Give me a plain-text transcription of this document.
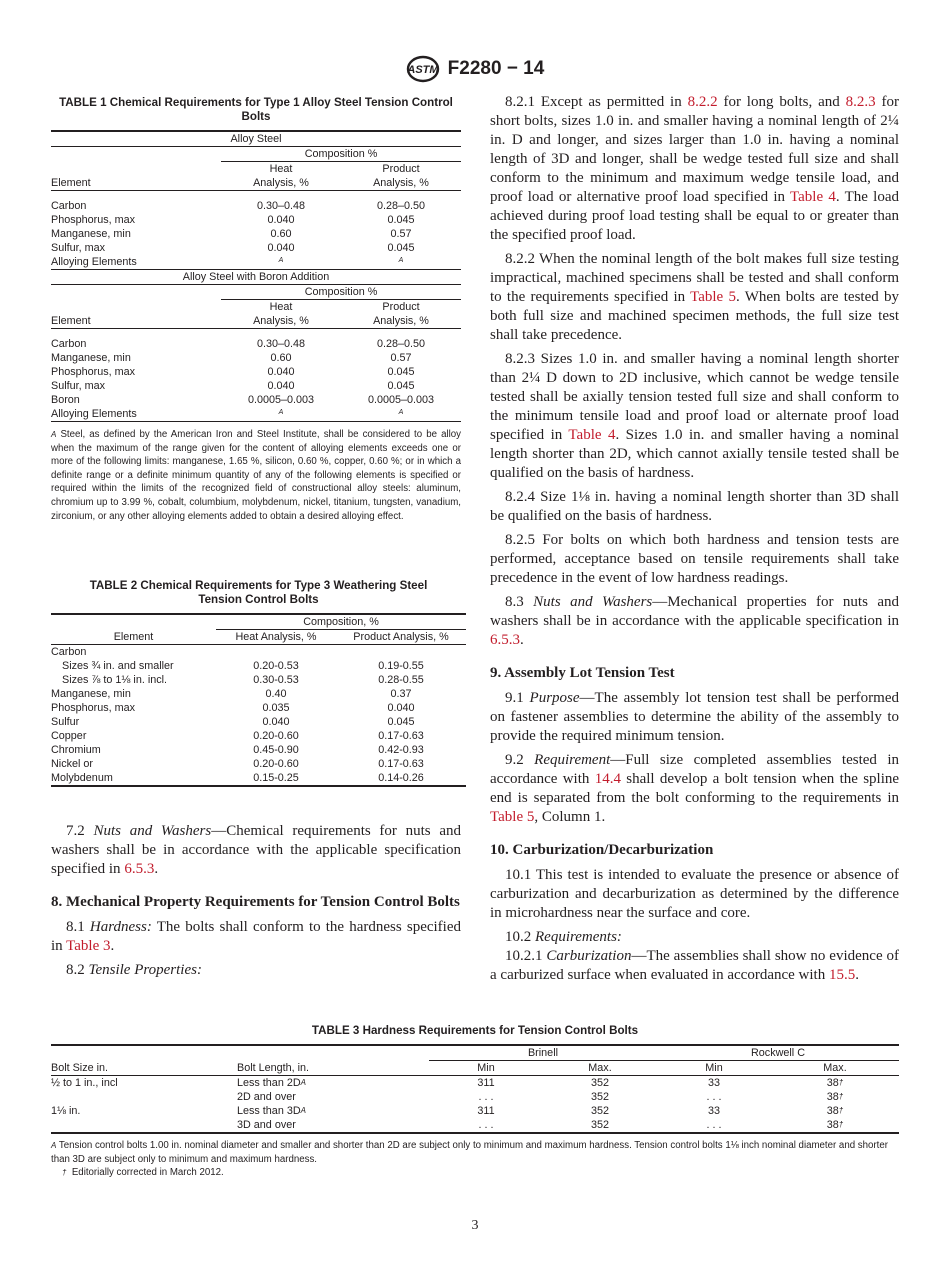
ASTM F2280 − 14
TABLE 1 Chemical Requirements for Type 1 Alloy Steel Tension Control Bolts
Alloy Steel		
	Composition %	
	Heat	Product
Element	Analysis, %	Analysis, %

Carbon	0.30–0.48	0.28–0.50
Phosphorus, max	0.040	0.045
Manganese, min	0.60	0.57
Sulfur, max	0.040	0.045
Alloying Elements	$^A$	$^A$
Alloy Steel with Boron Addition		
	Composition %	
	Heat	Product
Element	Analysis, %	Analysis, %

Carbon	0.30–0.48	0.28–0.50
Manganese, min	0.60	0.57
Phosphorus, max	0.040	0.045
Sulfur, max	0.040	0.045
Boron	0.0005–0.003	0.0005–0.003
Alloying Elements	$^A$	$^A$
$^A$ Steel, as defined by the American Iron and Steel Institute, shall be considered to be alloy when the maximum of the range given for the content of alloying elements exceeds one or more of the following limits: manganese, 1.65 %, silicon, 0.60 %, copper, 0.60 %; or in which a definite range or a definite minimum quantity of any of the following elements is specified or required within the limits of the recognized field of constructional alloy steels: aluminum, chromium up to 3.99 %, cobalt, columbium, molybdenum, nickel, titanium, tungsten, vanadium, zirconium, or any other alloying elements added to obtain a desired alloying effect.
TABLE 2 Chemical Requirements for Type 3 Weathering Steel Tension Control Bolts
	Composition, %	
Element	Heat Analysis, %	Product Analysis, %
Carbon		
Sizes ¾ in. and smaller	0.20-0.53	0.19-0.55
Sizes ⅞ to 1⅛ in. incl.	0.30-0.53	0.28-0.55
Manganese, min	0.40	0.37
Phosphorus, max	0.035	0.040
Sulfur	0.040	0.045
Copper	0.20-0.60	0.17-0.63
Chromium	0.45-0.90	0.42-0.93
Nickel or	0.20-0.60	0.17-0.63
Molybdenum	0.15-0.25	0.14-0.26

7.2 Nuts and Washers—Chemical requirements for nuts and washers shall be in accordance with the applicable specification specified in 6.5.3.

8. Mechanical Property Requirements for Tension Control Bolts

8.1 Hardness: The bolts shall conform to the hardness specified in Table 3.

8.2 Tensile Properties:

8.2.1 Except as permitted in 8.2.2 for long bolts, and 8.2.3 for short bolts, sizes 1.0 in. and smaller having a nominal length of 2¼ in. D and longer, and sizes larger than 1.0 in. having a nominal length of 3D and longer, shall be wedge tested full size and shall conform to the minimum and maximum wedge tensile load, and proof load or alternative proof load specified in Table 4. The load achieved during proof load testing shall be equal to or greater than the specified proof load.

8.2.2 When the nominal length of the bolt makes full size testing impractical, machined specimens shall be tested and shall conform to the requirements specified in Table 5. When bolts are tested by both full size and machined specimen methods, the full size test shall take precedence.

8.2.3 Sizes 1.0 in. and smaller having a nominal length shorter than 2¼ D down to 2D inclusive, which cannot be wedge tensile tested shall be axially tension tested full size and shall conform to the minimum tensile load and proof load or alternate proof load specified in Table 4. Sizes 1.0 in. and smaller having a nominal length shorter than 2D, which cannot axially tensile tested shall be qualified on the basis of hardness.

8.2.4 Size 1⅛ in. having a nominal length shorter than 3D shall be qualified on the basis of hardness.

8.2.5 For bolts on which both hardness and tension tests are performed, acceptance based on tensile requirements shall take precedence in the event of low hardness readings.

8.3 Nuts and Washers—Mechanical properties for nuts and washers shall be in accordance with the applicable specification in 6.5.3.

9. Assembly Lot Tension Test

9.1 Purpose—The assembly lot tension test shall be performed on fastener assemblies to determine the ability of the assembly to provide the required minimum tension.

9.2 Requirement—Full size completed assemblies tested in accordance with 14.4 shall develop a bolt tension when the spline end is separated from the bolt conforming to the requirements in Table 5, Column 1.

10. Carburization/Decarburization

10.1 This test is intended to evaluate the presence or absence of carburization and decarburization as determined by the difference in microhardness near the surface and core.

10.2 Requirements:

10.2.1 Carburization—The assemblies shall show no evidence of a carburized surface when evaluated in accordance with 15.5.

TABLE 3 Hardness Requirements for Tension Control Bolts
		Brinell		Rockwell C	
Bolt Size in.	Bolt Length, in.	Min	Max.	Min	Max.
½ to 1 in., incl	Less than $2D^A$	311	352	33	38†
	2D and over	. . .	352	. . .	38†
1⅛ in.	Less than $3D^A$	311	352	33	38†
	3D and over	. . .	352	. . .	38†
$^A$ Tension control bolts 1.00 in. nominal diameter and smaller and shorter than 2D are subject only to minimum and maximum hardness. Tension control bolts 1⅛ inch nominal diameter and shorter than 3D are subject only to minimum and maximum hardness.
† Editorially corrected in March 2012.
3
